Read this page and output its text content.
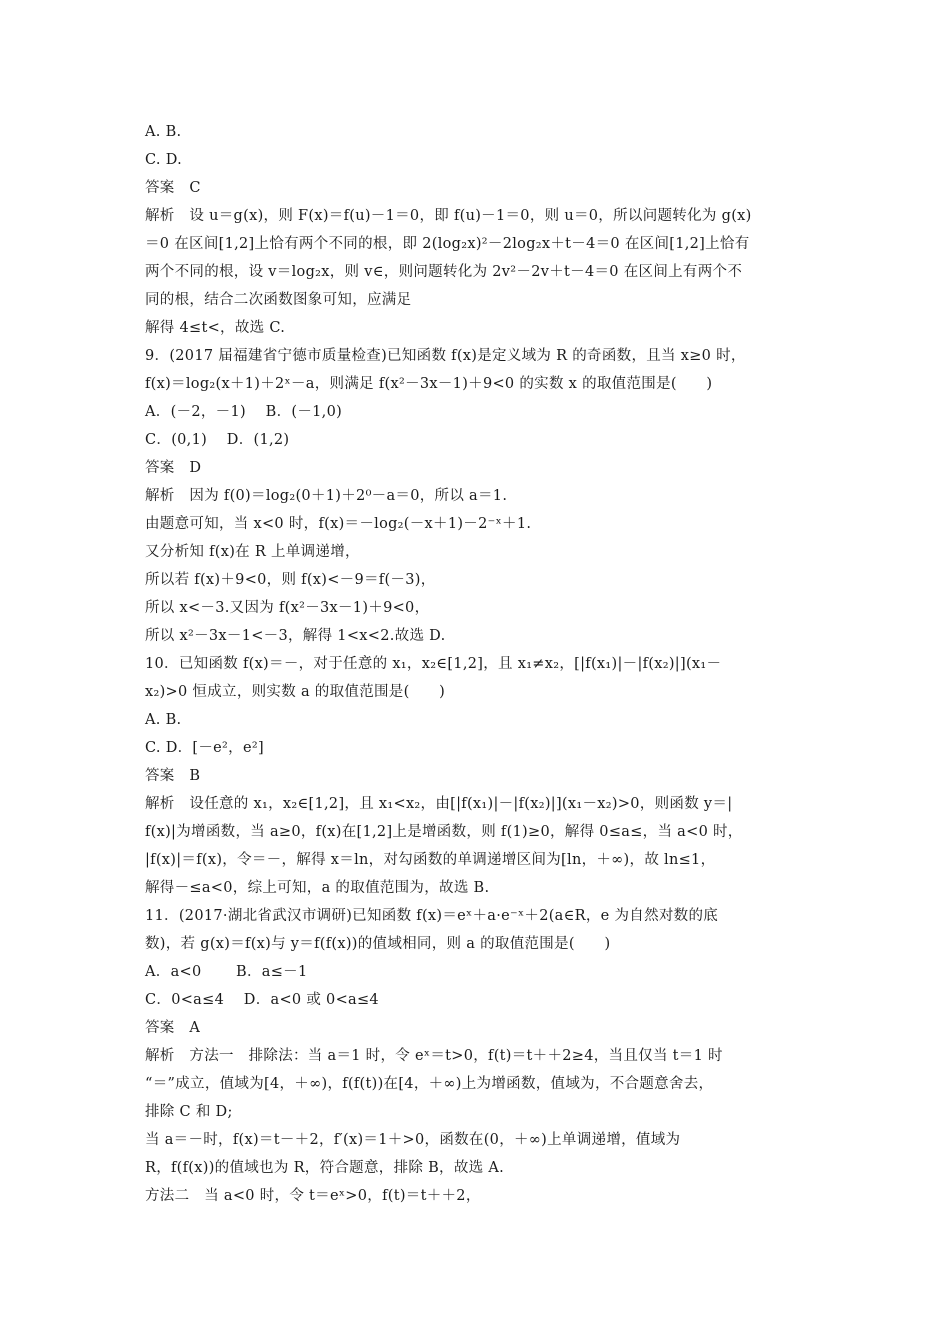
A. B.
C. D.
答案　C
解析　设 u＝g(x)，则 F(x)＝f(u)－1＝0，即 f(u)－1＝0，则 u＝0，所以问题转化为 g(x)
＝0 在区间[1,2]上恰有两个不同的根，即 2(log₂x)²－2log₂x＋t－4＝0 在区间[1,2]上恰有
两个不同的根，设 v＝log₂x，则 v∈，则问题转化为 2v²－2v＋t－4＝0 在区间上有两个不
同的根，结合二次函数图象可知，应满足
解得 4≤t<，故选 C.
9．(2017 届福建省宁德市质量检查)已知函数 f(x)是定义域为 R 的奇函数，且当 x≥0 时，
f(x)＝log₂(x＋1)＋2ˣ－a，则满足 f(x²－3x－1)＋9<0 的实数 x 的取值范围是(　　)
A．(－2，－1)　 B．(－1,0)
C．(0,1)　 D．(1,2)
答案　D
解析　因为 f(0)＝log₂(0＋1)＋2⁰－a＝0，所以 a＝1.
由题意可知，当 x<0 时，f(x)＝－log₂(－x＋1)－2⁻ˣ＋1.
又分析知 f(x)在 R 上单调递增，
所以若 f(x)＋9<0，则 f(x)<－9＝f(－3)，
所以 x<－3.又因为 f(x²－3x－1)＋9<0，
所以 x²－3x－1<－3，解得 1<x<2.故选 D.
10．已知函数 f(x)＝－，对于任意的 x₁，x₂∈[1,2]，且 x₁≠x₂，[|f(x₁)|－|f(x₂)|](x₁－
x₂)>0 恒成立，则实数 a 的取值范围是(　　)
A. B.
C. D．[－e²，e²]
答案　B
解析　设任意的 x₁，x₂∈[1,2]，且 x₁<x₂，由[|f(x₁)|－|f(x₂)|](x₁－x₂)>0，则函数 y＝|
f(x)|为增函数，当 a≥0，f(x)在[1,2]上是增函数，则 f(1)≥0，解得 0≤a≤，当 a<0 时，
|f(x)|＝f(x)，令＝－，解得 x＝ln，对勾函数的单调递增区间为[ln，＋∞)，故 ln≤1，
解得－≤a<0，综上可知，a 的取值范围为，故选 B.
11．(2017·湖北省武汉市调研)已知函数 f(x)＝eˣ＋a·e⁻ˣ＋2(a∈R，e 为自然对数的底
数)，若 g(x)＝f(x)与 y＝f(f(x))的值域相同，则 a 的取值范围是(　　)
A．a<0　　 B．a≤－1
C．0<a≤4　 D．a<0 或 0<a≤4
答案　A
解析　方法一　排除法：当 a＝1 时，令 eˣ＝t>0，f(t)＝t＋＋2≥4，当且仅当 t＝1 时
“＝”成立，值域为[4，＋∞)，f(f(t))在[4，＋∞)上为增函数，值域为，不合题意舍去，
排除 C 和 D;
当 a＝－时，f(x)＝t－＋2，f′(x)＝1＋>0，函数在(0，＋∞)上单调递增，值域为
R，f(f(x))的值域也为 R，符合题意，排除 B，故选 A.
方法二　当 a<0 时，令 t＝eˣ>0，f(t)＝t＋＋2，
